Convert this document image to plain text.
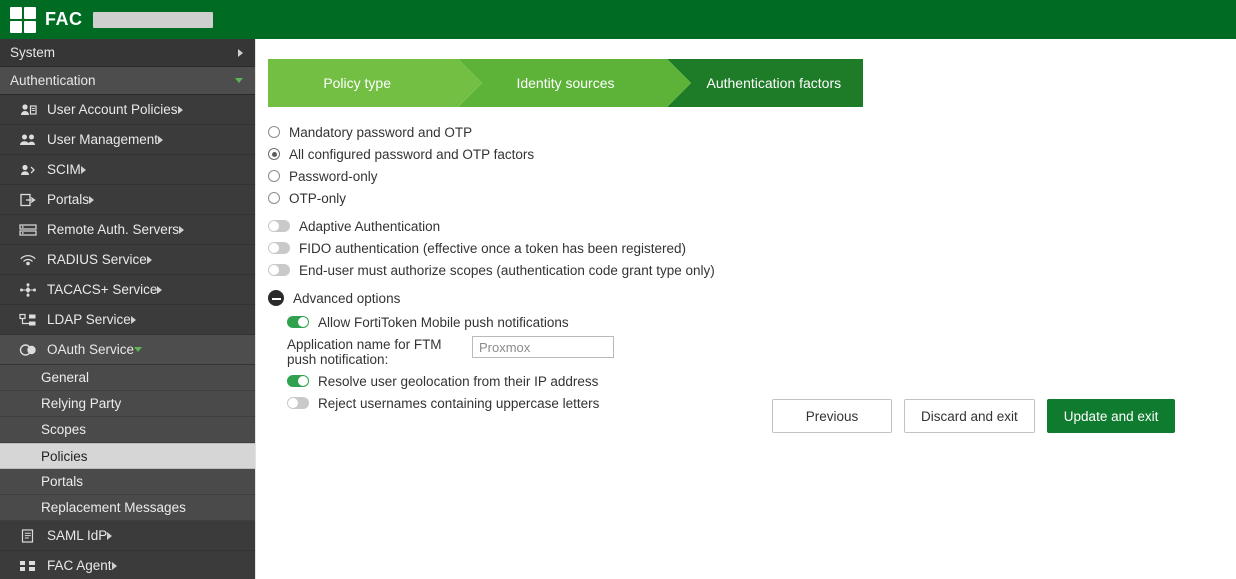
FAC
System
Authentication
User Account Policies
User Management
SCIM
Portals
Remote Auth. Servers
RADIUS Service
TACACS+ Service
LDAP Service
OAuth Service
General
Relying Party
Scopes
Policies
Portals
Replacement Messages
SAML IdP
FAC Agent
Policy type	Identity sources	Authentication factors
Mandatory password and OTP
All configured password and OTP factors
Password-only
OTP-only
Adaptive Authentication
FIDO authentication (effective once a token has been registered)
End-user must authorize scopes (authentication code grant type only)
Advanced options
Allow FortiToken Mobile push notifications
Application name for FTM push notification:
Proxmox
Resolve user geolocation from their IP address
Reject usernames containing uppercase letters
Previous	Discard and exit	Update and exit
